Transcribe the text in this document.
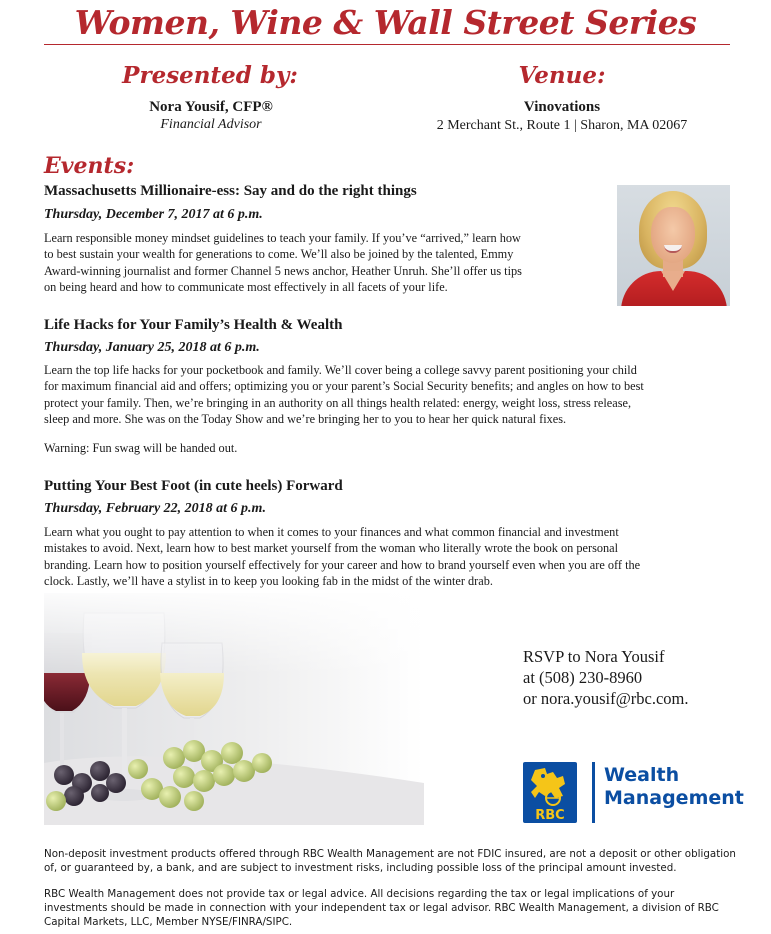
Women, Wine & Wall Street Series
Presented by:
Nora Yousif, CFP®
Financial Advisor
Venue:
Vinovations
2 Merchant St., Route 1 | Sharon, MA 02067
Events:
Massachusetts Millionaire-ess: Say and do the right things
Thursday, December 7, 2017 at 6 p.m.
Learn responsible money mindset guidelines to teach your family. If you’ve “arrived,” learn how
to best sustain your wealth for generations to come. We’ll also be joined by the talented, Emmy
Award-winning journalist and former Channel 5 news anchor, Heather Unruh. She’ll offer us tips
on being heard and how to communicate most effectively in all facets of your life.
Life Hacks for Your Family’s Health & Wealth
Thursday, January 25, 2018 at 6 p.m.
Learn the top life hacks for your pocketbook and family. We’ll cover being a college savvy parent positioning your child
for maximum financial aid and offers; optimizing you or your parent’s Social Security benefits; and angles on how to best
protect your family. Then, we’re bringing in an authority on all things health related: energy, weight loss, stress release,
sleep and more. She was on the Today Show and we’re bringing her to you to hear her quick natural fixes.
Warning: Fun swag will be handed out.
Putting Your Best Foot (in cute heels) Forward
Thursday, February 22, 2018 at 6 p.m.
Learn what you ought to pay attention to when it comes to your finances and what common financial and investment
mistakes to avoid. Next, learn how to best market yourself from the woman who literally wrote the book on personal
branding. Learn how to position yourself effectively for your career and how to brand yourself even when you are off the
clock. Lastly, we’ll have a stylist in to keep you looking fab in the midst of the winter drab.
RSVP to Nora Yousif
at (508) 230-8960
or nora.yousif@rbc.com.
RBC
Wealth
Management
Non-deposit investment products offered through RBC Wealth Management are not FDIC insured, are not a deposit or other obligation
of, or guaranteed by, a bank, and are subject to investment risks, including possible loss of the principal amount invested.
RBC Wealth Management does not provide tax or legal advice. All decisions regarding the tax or legal implications of your
investments should be made in connection with your independent tax or legal advisor. RBC Wealth Management, a division of RBC
Capital Markets, LLC, Member NYSE/FINRA/SIPC.
